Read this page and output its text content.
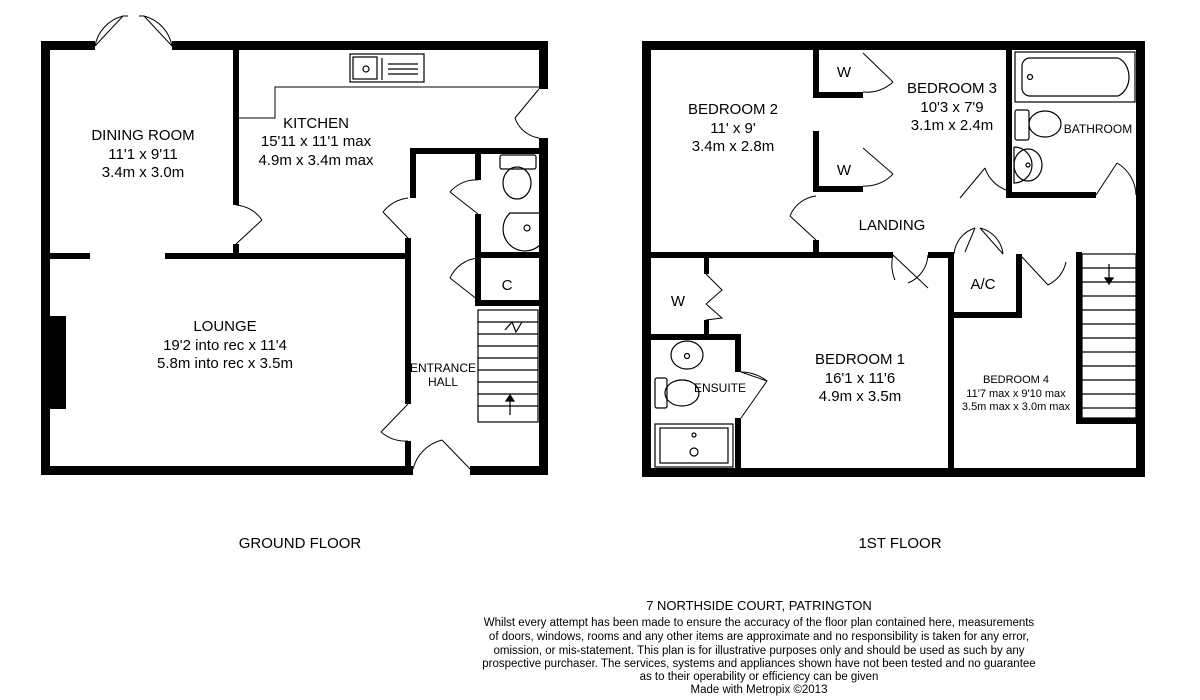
DINING ROOM
11'1 x 9'11
3.4m x 3.0m
KITCHEN
15'11 x 11'1 max
4.9m x 3.4m max
LOUNGE
19'2 into rec x 11'4
5.8m into rec x 3.5m	ENTRANCE
HALL
C
BEDROOM 2
11' x 9'
3.4m x 2.8m
BEDROOM 3
10'3 x 7'9
3.1m x 2.4m	BATHROOM
LANDING
W
W
W
A/C
BEDROOM 1
16'1 x 11'6
4.9m x 3.5m
ENSUITE
BEDROOM 4
11'7 max x 9'10 max
3.5m max x 3.0m max
GROUND FLOOR	1ST FLOOR
7 NORTHSIDE COURT, PATRINGTON
Whilst every attempt has been made to ensure the accuracy of the floor plan contained here, measurements
of doors, windows, rooms and any other items are approximate and no responsibility is taken for any error,
omission, or mis-statement. This plan is for illustrative purposes only and should be used as such by any
prospective purchaser. The services, systems and appliances shown have not been tested and no guarantee
as to their operability or efficiency can be given
Made with Metropix ©2013
